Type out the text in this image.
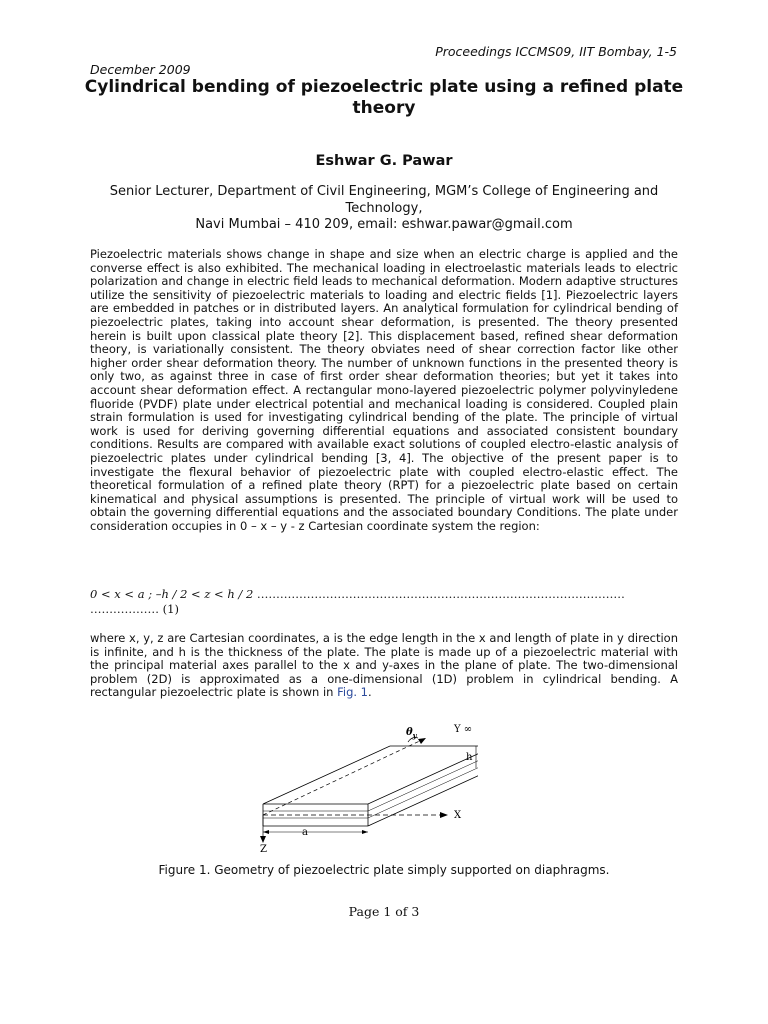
Proceedings ICCMS09, IIT Bombay, 1-5
December 2009
Cylindrical bending of piezoelectric plate using a refined plate theory
Eshwar G. Pawar
Senior Lecturer, Department of Civil Engineering, MGM’s College of Engineering and
Technology,
Navi Mumbai – 410 209, email: eshwar.pawar@gmail.com
Piezoelectric materials shows change in shape and size when an electric charge is applied and the converse effect is also exhibited. The mechanical loading in electroelastic materials leads to electric polarization and change in electric field leads to mechanical deformation. Modern adaptive structures utilize the sensitivity of piezoelectric materials to loading and electric fields [1]. Piezoelectric layers are embedded in patches or in distributed layers. An analytical formulation for cylindrical bending of piezoelectric plates, taking into account shear deformation, is presented. The theory presented herein is built upon classical plate theory [2]. This displacement based, refined shear deformation theory, is variationally consistent. The theory obviates need of shear correction factor like other higher order shear deformation theory. The number of unknown functions in the presented theory is only two, as against three in case of first order shear deformation theories; but yet it takes into account shear deformation effect. A rectangular mono-layered piezoelectric polymer polyvinyledene fluoride (PVDF) plate under electrical potential and mechanical loading is considered. Coupled plain strain formulation is used for investigating cylindrical bending of the plate. The principle of virtual work is used for deriving governing differential equations and associated consistent boundary conditions. Results are compared with available exact solutions of coupled electro-elastic analysis of piezoelectric plates under cylindrical bending [3, 4]. The objective of the present paper is to investigate the flexural behavior of piezoelectric plate with coupled electro-elastic effect. The theoretical formulation of a refined plate theory (RPT) for a piezoelectric plate based on certain kinematical and physical assumptions is presented. The principle of virtual work will be used to obtain the governing differential equations and the associated boundary Conditions. The plate under consideration occupies in 0 – x – y - z Cartesian coordinate system the region:
0 < x < a ; –h / 2 < z < h / 2 ……………………………………………………………………………………
……………… (1)
where x, y, z are Cartesian coordinates, a is the edge length in the x and length of plate in y direction is infinite, and h is the thickness of the plate. The plate is made up of a piezoelectric material with the principal material axes parallel to the x and y-axes in the plane of plate. The two-dimensional problem (2D) is approximated as a one-dimensional (1D) problem in cylindrical bending. A rectangular piezoelectric plate is shown in Fig. 1.
$\theta_y$
Y ∞
h
X
a
Z
Figure 1. Geometry of piezoelectric plate simply supported on diaphragms.
Page 1 of 3
